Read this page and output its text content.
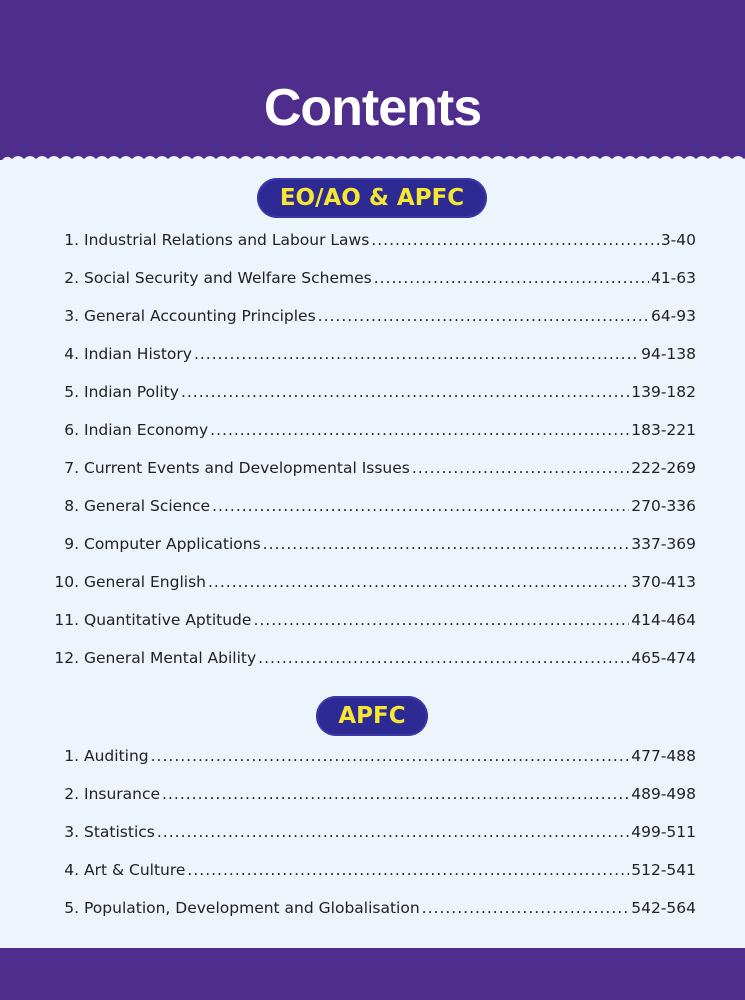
Contents
EO/AO & APFC
1. Industrial Relations and Labour Laws .....	3-40
2. Social Security and Welfare Schemes .....	41-63
3. General Accounting Principles .....	64-93
4. Indian History .....	94-138
5. Indian Polity .....	139-182
6. Indian Economy .....	183-221
7. Current Events and Developmental Issues .....	222-269
8. General Science .....	270-336
9. Computer Applications .....	337-369
10. General English .....	370-413
11. Quantitative Aptitude .....	414-464
12. General Mental Ability .....	465-474
APFC
1. Auditing .....	477-488
2. Insurance .....	489-498
3. Statistics .....	499-511
4. Art & Culture .....	512-541
5. Population, Development and Globalisation .....	542-564
